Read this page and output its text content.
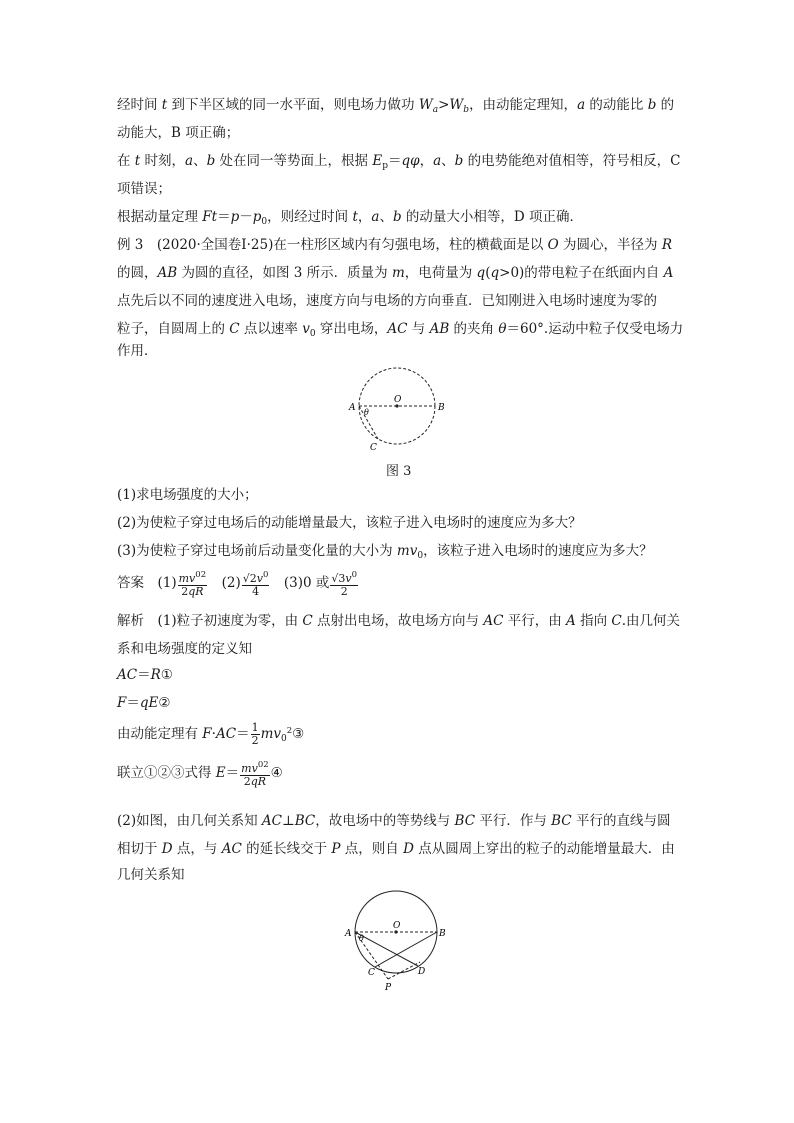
经时间 t 到下半区域的同一水平面，则电场力做功 $W_a>W_b$，由动能定理知，a 的动能比 b 的
动能大，B 项正确；
在 t 时刻，a、b 处在同一等势面上，根据 $E_p=q\varphi$，a、b 的电势能绝对值相等，符号相反，C
项错误；
根据动量定理 $Ft=p-p_0$，则经过时间 t，a、b 的动量大小相等，D 项正确．
例 3　(2020·全国卷Ⅰ·25)在一柱形区域内有匀强电场，柱的横截面是以 O 为圆心，半径为 R
的圆，AB 为圆的直径，如图 3 所示．质量为 m，电荷量为 q(q>0)的带电粒子在纸面内自 A
点先后以不同的速度进入电场，速度方向与电场的方向垂直．已知刚进入电场时速度为零的
粒子，自圆周上的 C 点以速率 $v_0$ 穿出电场，AC 与 AB 的夹角 θ＝60°.运动中粒子仅受电场力
作用．
A	B
O
C
θ
图 3
(1)求电场强度的大小；
(2)为使粒子穿过电场后的动能增量最大，该粒子进入电场时的速度应为多大？
(3)为使粒子穿过电场前后动量变化量的大小为 $mv_0$，该粒子进入电场时的速度应为多大？
答案　$(1) \frac{mv^{02}}{2qR}$ 　$(2) \frac{√2v^0}{4}$ 　(3)0 或 $\frac{√3v^0}{2}$
解析　(1)粒子初速度为零，由 C 点射出电场，故电场方向与 AC 平行，由 A 指向 C.由几何关
系和电场强度的定义知
AC＝R①
F＝qE②
由动能定理有 $F\cdot AC= \frac{1}{2}$ $mv_0^2③$
联立①②③式得 $E= \frac{mv^{02}}{2qR}$ ④
(2)如图，由几何关系知 AC⊥BC，故电场中的等势线与 BC 平行．作与 BC 平行的直线与圆
相切于 D 点，与 AC 的延长线交于 P 点，则自 D 点从圆周上穿出的粒子的动能增量最大．由
几何关系知
A	B
O
C	D
P
θ
